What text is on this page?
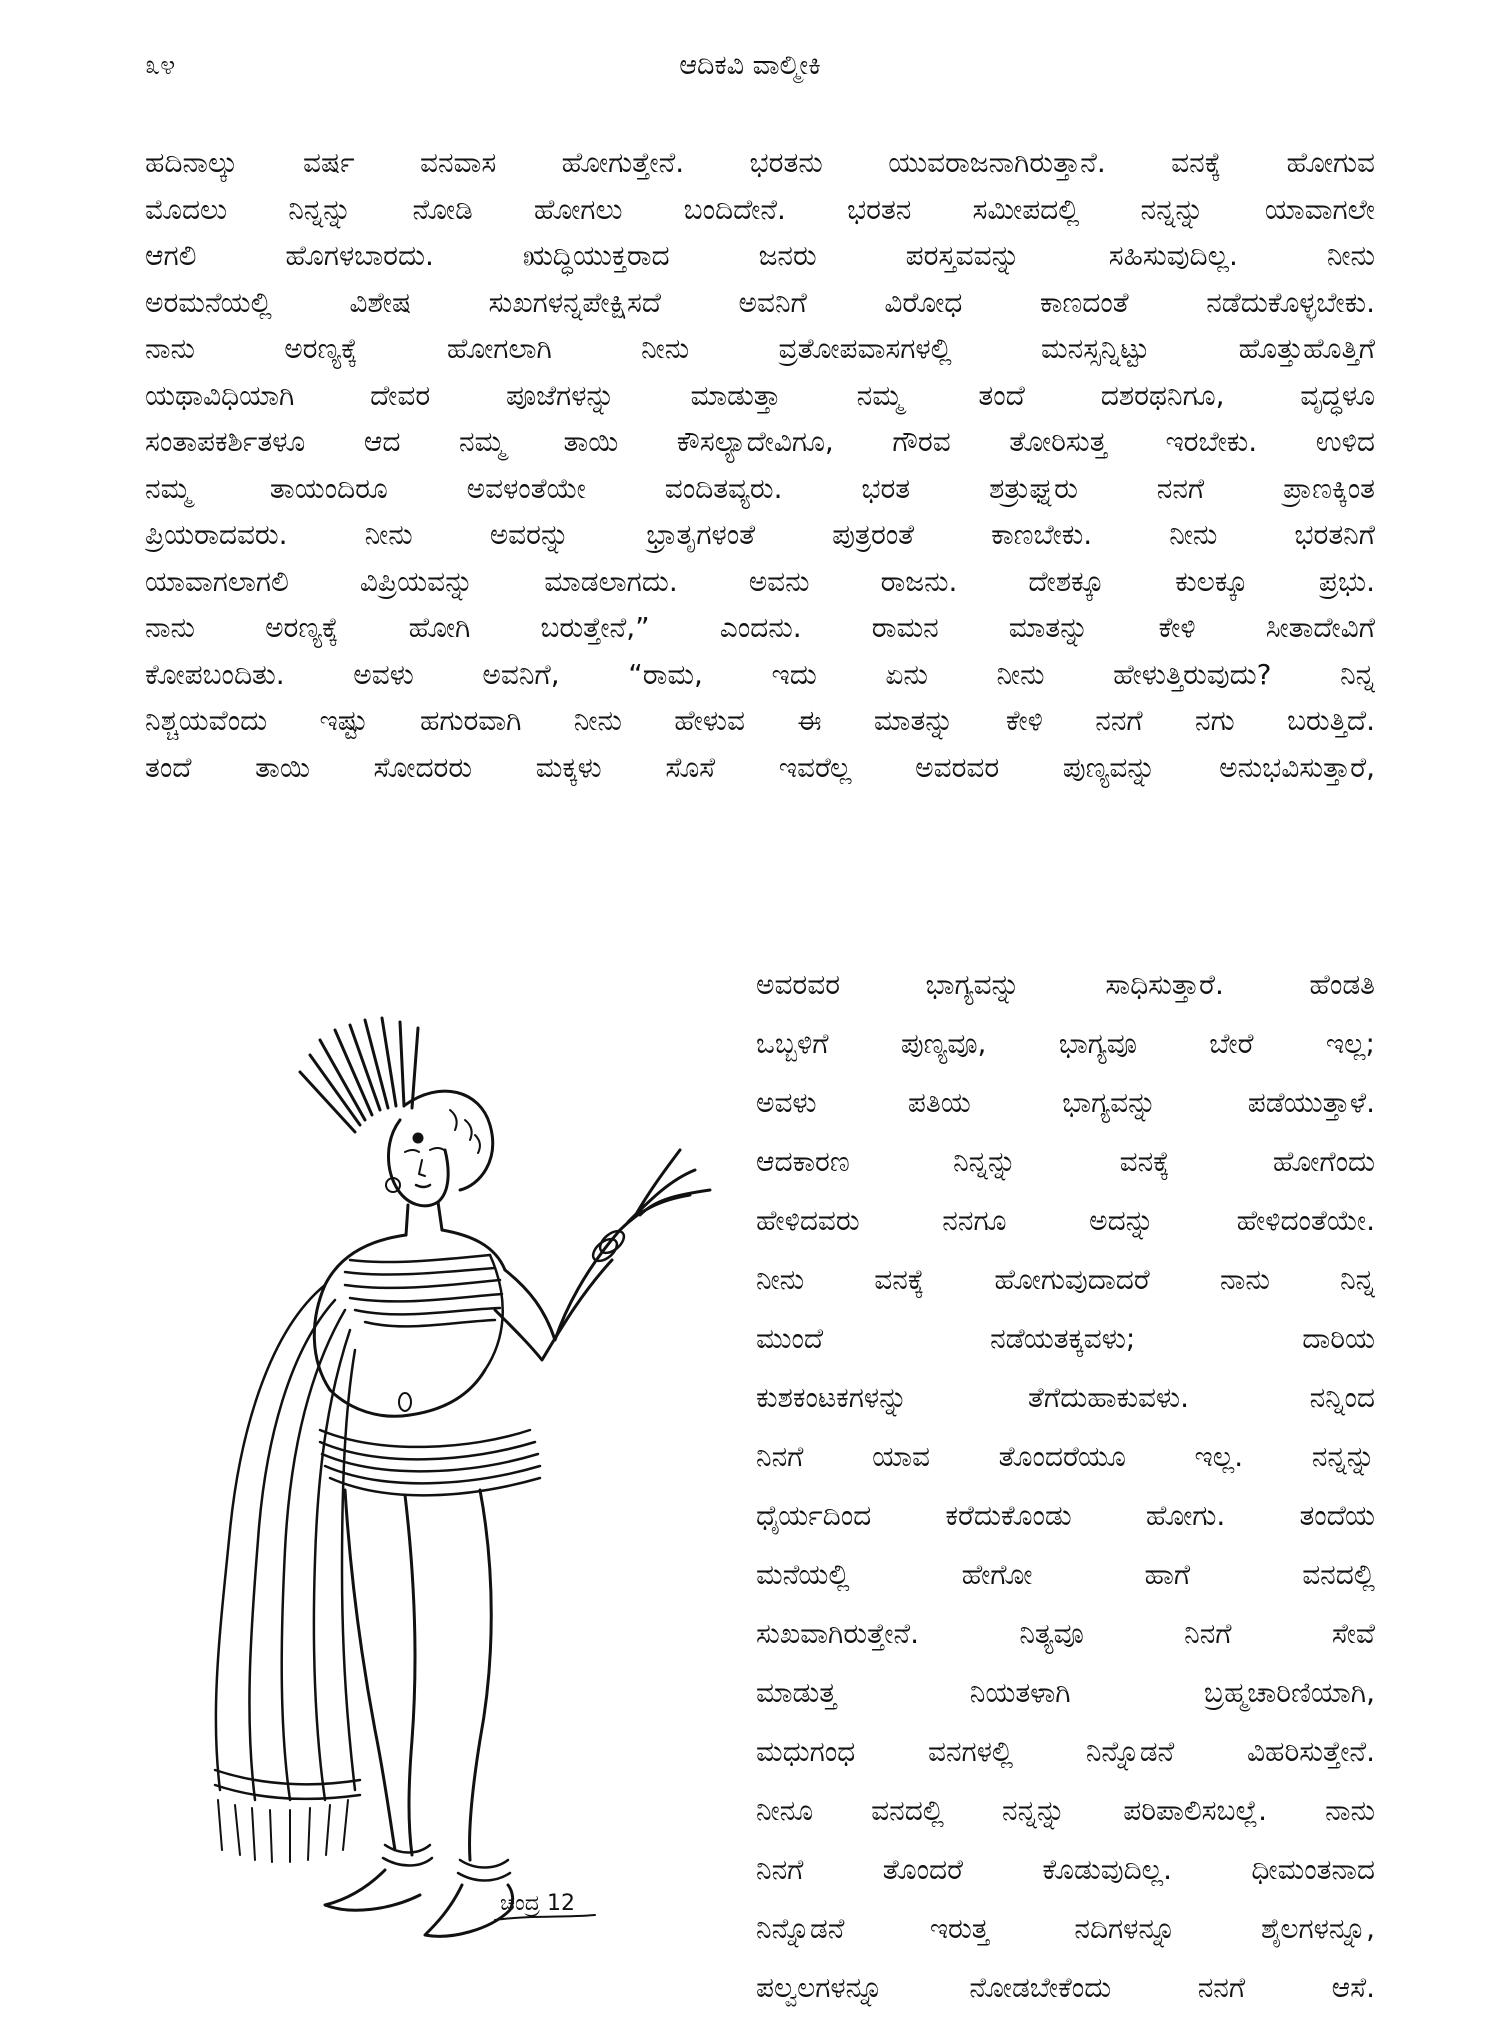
೩೪	ಆದಿಕವಿ ವಾಲ್ಮೀಕಿ
ಹದಿನಾಲ್ಕು ವರ್ಷ ವನವಾಸ ಹೋಗುತ್ತೇನೆ. ಭರತನು ಯುವರಾಜನಾಗಿರುತ್ತಾನೆ. ವನಕ್ಕೆ ಹೋಗುವ
ಮೊದಲು ನಿನ್ನನ್ನು ನೋಡಿ ಹೋಗಲು ಬಂದಿದೇನೆ. ಭರತನ ಸಮೀಪದಲ್ಲಿ ನನ್ನನ್ನು ಯಾವಾಗಲೇ
ಆಗಲಿ ಹೊಗಳಬಾರದು. ಋದ್ಧಿಯುಕ್ತರಾದ ಜನರು ಪರಸ್ತವವನ್ನು ಸಹಿಸುವುದಿಲ್ಲ. ನೀನು
ಅರಮನೆಯಲ್ಲಿ ವಿಶೇಷ ಸುಖಗಳನ್ನಪೇಕ್ಷಿಸದೆ ಅವನಿಗೆ ವಿರೋಧ ಕಾಣದಂತೆ ನಡೆದುಕೊಳ್ಳಬೇಕು.
ನಾನು ಅರಣ್ಯಕ್ಕೆ ಹೋಗಲಾಗಿ ನೀನು ವ್ರತೋಪವಾಸಗಳಲ್ಲಿ ಮನಸ್ಸನ್ನಿಟ್ಟು ಹೊತ್ತುಹೊತ್ತಿಗೆ
ಯಥಾವಿಧಿಯಾಗಿ ದೇವರ ಪೂಜೆಗಳನ್ನು ಮಾಡುತ್ತಾ ನಮ್ಮ ತಂದೆ ದಶರಥನಿಗೂ, ವೃದ್ಧಳೂ
ಸಂತಾಪಕರ್ಶಿತಳೂ ಆದ ನಮ್ಮ ತಾಯಿ ಕೌಸಲ್ಯಾದೇವಿಗೂ, ಗೌರವ ತೋರಿಸುತ್ತ ಇರಬೇಕು. ಉಳಿದ
ನಮ್ಮ ತಾಯಂದಿರೂ ಅವಳಂತೆಯೇ ವಂದಿತವ್ಯರು. ಭರತ ಶತ್ರುಘ್ನರು ನನಗೆ ಪ್ರಾಣಕ್ಕಿಂತ
ಪ್ರಿಯರಾದವರು. ನೀನು ಅವರನ್ನು ಭ್ರಾತೃಗಳಂತೆ ಪುತ್ರರಂತೆ ಕಾಣಬೇಕು. ನೀನು ಭರತನಿಗೆ
ಯಾವಾಗಲಾಗಲಿ ವಿಪ್ರಿಯವನ್ನು ಮಾಡಲಾಗದು. ಅವನು ರಾಜನು. ದೇಶಕ್ಕೂ ಕುಲಕ್ಕೂ ಪ್ರಭು.
ನಾನು ಅರಣ್ಯಕ್ಕೆ ಹೋಗಿ ಬರುತ್ತೇನೆ,” ಎಂದನು. ರಾಮನ ಮಾತನ್ನು ಕೇಳಿ ಸೀತಾದೇವಿಗೆ
ಕೋಪಬಂದಿತು. ಅವಳು ಅವನಿಗೆ, “ರಾಮ, ಇದು ಏನು ನೀನು ಹೇಳುತ್ತಿರುವುದು? ನಿನ್ನ
ನಿಶ್ಚಯವೆಂದು ಇಷ್ಟು ಹಗುರವಾಗಿ ನೀನು ಹೇಳುವ ಈ ಮಾತನ್ನು ಕೇಳಿ ನನಗೆ ನಗು ಬರುತ್ತಿದೆ.
ತಂದೆ ತಾಯಿ ಸೋದರರು ಮಕ್ಕಳು ಸೊಸೆ ಇವರೆಲ್ಲ ಅವರವರ ಪುಣ್ಯವನ್ನು ಅನುಭವಿಸುತ್ತಾರೆ,
ಅವರವರ ಭಾಗ್ಯವನ್ನು ಸಾಧಿಸುತ್ತಾರೆ. ಹೆಂಡತಿ
ಒಬ್ಬಳಿಗೆ ಪುಣ್ಯವೂ, ಭಾಗ್ಯವೂ ಬೇರೆ ಇಲ್ಲ;
ಅವಳು ಪತಿಯ ಭಾಗ್ಯವನ್ನು ಪಡೆಯುತ್ತಾಳೆ.
ಆದಕಾರಣ ನಿನ್ನನ್ನು ವನಕ್ಕೆ ಹೋಗೆಂದು
ಹೇಳಿದವರು ನನಗೂ ಅದನ್ನು ಹೇಳಿದಂತೆಯೇ.
ನೀನು ವನಕ್ಕೆ ಹೋಗುವುದಾದರೆ ನಾನು ನಿನ್ನ
ಮುಂದೆ ನಡೆಯತಕ್ಕವಳು; ದಾರಿಯ
ಕುಶಕಂಟಕಗಳನ್ನು ತೆಗೆದುಹಾಕುವಳು. ನನ್ನಿಂದ
ನಿನಗೆ ಯಾವ ತೊಂದರೆಯೂ ಇಲ್ಲ. ನನ್ನನ್ನು
ಧೈರ್ಯದಿಂದ ಕರೆದುಕೊಂಡು ಹೋಗು. ತಂದೆಯ
ಮನೆಯಲ್ಲಿ ಹೇಗೋ ಹಾಗೆ ವನದಲ್ಲಿ
ಸುಖವಾಗಿರುತ್ತೇನೆ. ನಿತ್ಯವೂ ನಿನಗೆ ಸೇವೆ
ಮಾಡುತ್ತ ನಿಯತಳಾಗಿ ಬ್ರಹ್ಮಚಾರಿಣಿಯಾಗಿ,
ಮಧುಗಂಧ ವನಗಳಲ್ಲಿ ನಿನ್ನೊಡನೆ ವಿಹರಿಸುತ್ತೇನೆ.
ನೀನೂ ವನದಲ್ಲಿ ನನ್ನನ್ನು ಪರಿಪಾಲಿಸಬಲ್ಲೆ. ನಾನು
ನಿನಗೆ ತೊಂದರೆ ಕೊಡುವುದಿಲ್ಲ. ಧೀಮಂತನಾದ
ನಿನ್ನೊಡನೆ ಇರುತ್ತ ನದಿಗಳನ್ನೂ ಶೈಲಗಳನ್ನೂ,
ಪಲ್ವಲಗಳನ್ನೂ ನೋಡಬೇಕೆಂದು ನನಗೆ ಆಸೆ.
ಚಂದ್ರ 12
